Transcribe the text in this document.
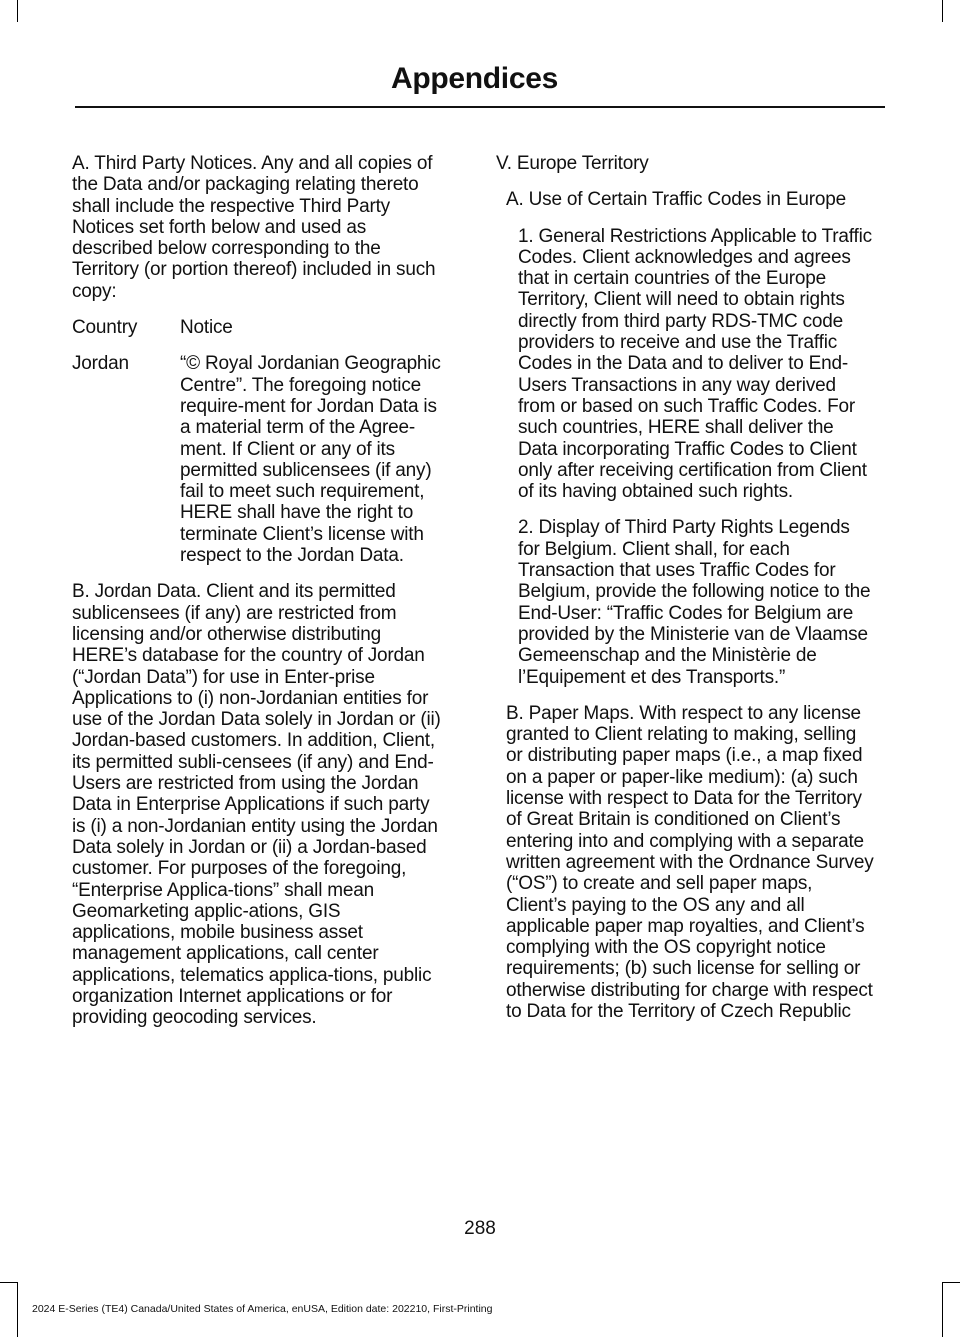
Appendices

A. Third Party Notices. Any and all copies of the Data and/or packaging relating thereto shall include the respective Third Party Notices set forth below and used as described below corresponding to the Territory (or portion thereof) included in such copy:

Country	Notice
Jordan	“© Royal Jordanian Geographic Centre”. The foregoing notice require-ment for Jordan Data is a material term of the Agree-ment. If Client or any of its permitted sublicensees (if any) fail to meet such requirement, HERE shall have the right to terminate Client’s license with respect to the Jordan Data.

B. Jordan Data. Client and its permitted sublicensees (if any) are restricted from licensing and/or otherwise distributing HERE’s database for the country of Jordan (“Jordan Data”) for use in Enter-prise Applications to (i) non-Jordanian entities for use of the Jordan Data solely in Jordan or (ii) Jordan-based customers. In addition, Client, its permitted subli-censees (if any) and End-Users are restricted from using the Jordan Data in Enterprise Applications if such party is (i) a non-Jordanian entity using the Jordan Data solely in Jordan or (ii) a Jordan-based customer. For purposes of the foregoing, “Enterprise Applica-tions” shall mean Geomarketing applic-ations, GIS applications, mobile business asset management applications, call center applications, telematics applica-tions, public organization Internet applications or for providing geocoding services.

V. Europe Territory

A. Use of Certain Traffic Codes in Europe

1. General Restrictions Applicable to Traffic Codes. Client acknowledges and agrees that in certain countries of the Europe Territory, Client will need to obtain rights directly from third party RDS-TMC code providers to receive and use the Traffic Codes in the Data and to deliver to End-Users Transactions in any way derived from or based on such Traffic Codes. For such countries, HERE shall deliver the Data incorporating Traffic Codes to Client only after receiving certification from Client of its having obtained such rights.

2. Display of Third Party Rights Legends for Belgium. Client shall, for each Transaction that uses Traffic Codes for Belgium, provide the following notice to the End-User: “Traffic Codes for Belgium are provided by the Ministerie van de Vlaamse Gemeenschap and the Ministèrie de l’Equipement et des Transports.”

B. Paper Maps. With respect to any license granted to Client relating to making, selling or distributing paper maps (i.e., a map fixed on a paper or paper-like medium): (a) such license with respect to Data for the Territory of Great Britain is conditioned on Client’s entering into and complying with a separate written agreement with the Ordnance Survey (“OS”) to create and sell paper maps, Client’s paying to the OS any and all applicable paper map royalties, and Client’s complying with the OS copyright notice requirements; (b) such license for selling or otherwise distributing for charge with respect to Data for the Territory of Czech Republic

288
2024 E-Series (TE4) Canada/United States of America, enUSA, Edition date: 202210, First-Printing
